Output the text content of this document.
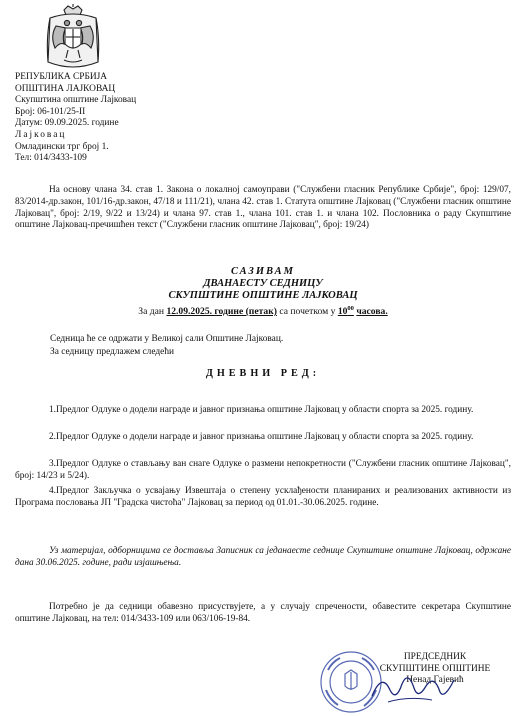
РЕПУБЛИКА СРБИЈА
ОПШТИНА ЛАЈКОВАЦ
Скупштина општине Лајковац
Број: 06-101/25-II
Датум: 09.09.2025. године
Лајковац
Омладински трг број 1.
Тел: 014/3433-109
На основу члана 34. став 1. Закона о локалној самоуправи ("Службени гласник Републике Србије", број: 129/07, 83/2014-др.закон, 101/16-др.закон, 47/18 и 111/21), члана 42. став 1. Статута општине Лајковац ("Службени гласник општине Лајковац", број: 2/19, 9/22 и 13/24) и члана 97. став 1., члана 101. став 1. и члана 102. Пословника о раду Скупштине општине Лајковац-пречишћен текст ("Службени гласник општине Лајковац", број: 19/24)
САЗИВАМ
ДВАНАЕСТУ СЕДНИЦУ
СКУПШТИНЕ ОПШТИНЕ ЛАЈКОВАЦ
За дан 12.09.2025. године (петак) са почетком у $10^{00}$ часова.
Седница ће се одржати у Великој сали Општине Лајковац.
За седницу предлажем следећи
ДНЕВНИ РЕД:
1.Предлог Одлуке о додели награде и јавног признања општине Лајковац у области спорта за 2025. годину.
2.Предлог Одлуке о додели награде и јавног признања општине Лајковац у области спорта за 2025. годину.
3.Предлог Одлуке о стављању ван снаге Одлуке о размени непокретности ("Службени гласник општине Лајковац", број: 14/23 и 5/24).
4.Предлог Закључка о усвајању Извештаја о степену усклађености планираних и реализованих активности из Програма пословања ЈП "Градска чистоћа" Лајковац за период од 01.01.-30.06.2025. године.
Уз материјал, одборницима се доставља Записник са једанаесте седнице Скупштине општине Лајковац, одржане дана 30.06.2025. године, ради изјашњења.
Потребно је да седници обавезно присуствујете, а у случају спречености, обавестите секретара Скупштине општине Лајковац, на тел: 014/3433-109 или 063/106-19-84.
ПРЕДСЕДНИК
СКУПШТИНЕ ОПШТИНЕ
Ненад Гајевић
